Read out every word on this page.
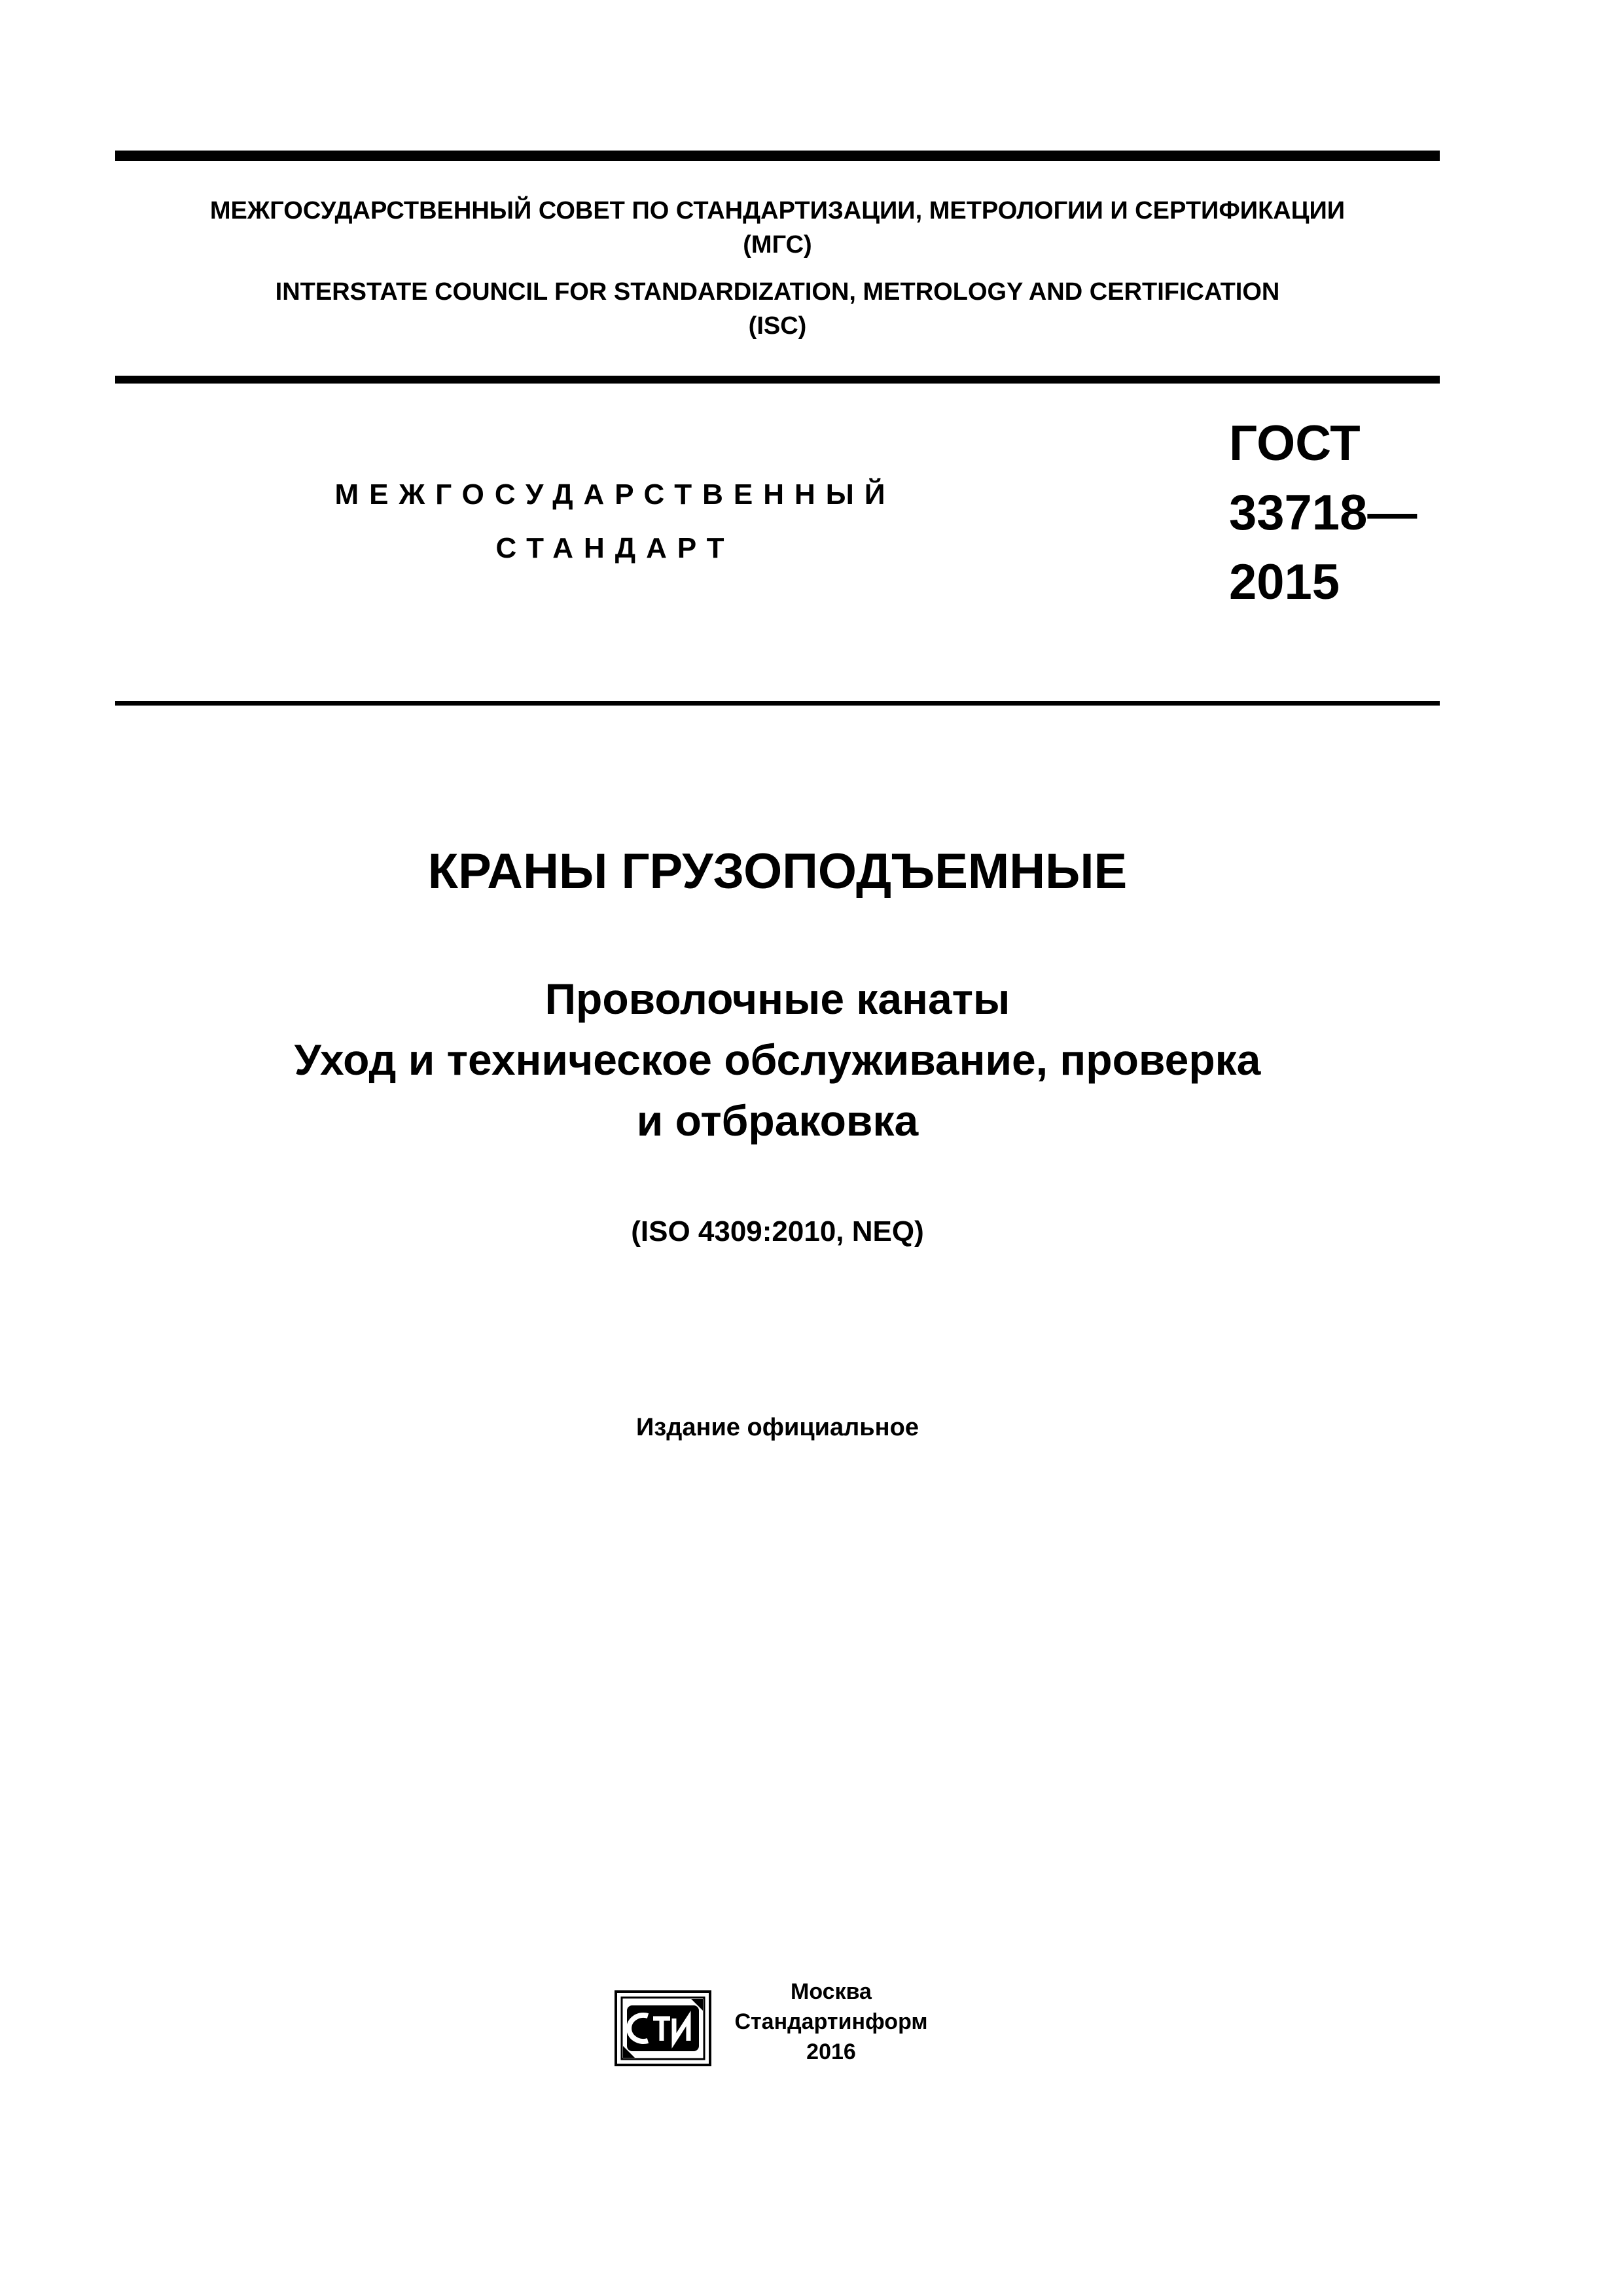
МЕЖГОСУДАРСТВЕННЫЙ СОВЕТ ПО СТАНДАРТИЗАЦИИ, МЕТРОЛОГИИ И СЕРТИФИКАЦИИ
(МГС)
INTERSTATE COUNCIL FOR STANDARDIZATION, METROLOGY AND CERTIFICATION
(ISC)
МЕЖГОСУДАРСТВЕННЫЙ
СТАНДАРТ
ГОСТ
33718—
2015
КРАНЫ ГРУЗОПОДЪЕМНЫЕ
Проволочные канаты
Уход и техническое обслуживание, проверка
и отбраковка
(ISO 4309:2010, NEQ)
Издание официальное
Москва
Стандартинформ
2016
